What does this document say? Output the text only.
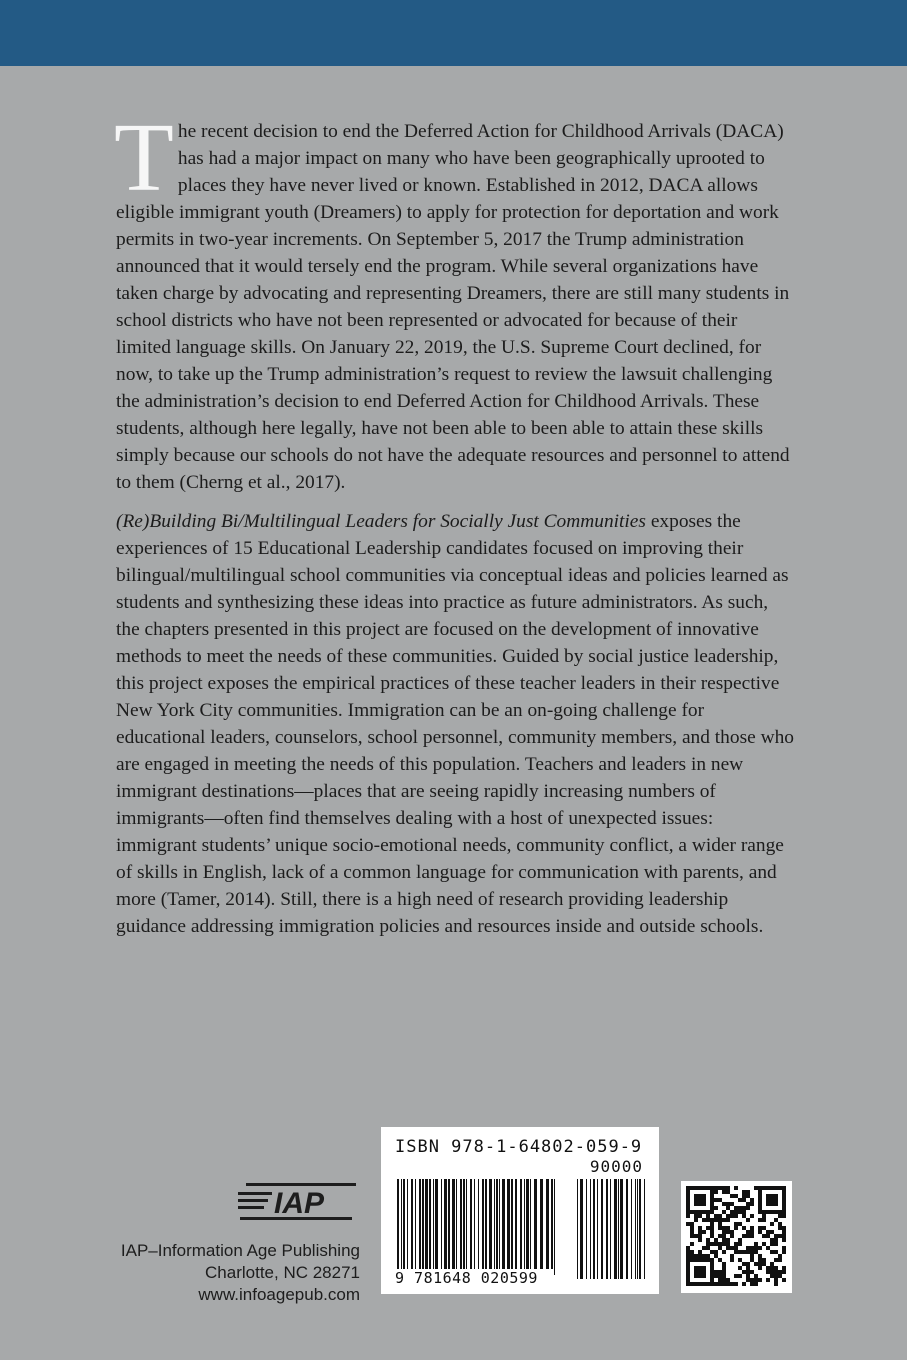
The recent decision to end the Deferred Action for Childhood Arrivals (DACA) has had a major impact on many who have been geographically uprooted to places they have never lived or known. Established in 2012, DACA allows eligible immigrant youth (Dreamers) to apply for protection for deportation and work permits in two-year increments. On September 5, 2017 the Trump administration announced that it would tersely end the program. While several organizations have taken charge by advocating and representing Dreamers, there are still many students in school districts who have not been represented or advocated for because of their limited language skills. On January 22, 2019, the U.S. Supreme Court declined, for now, to take up the Trump administration’s request to review the lawsuit challenging the administration’s decision to end Deferred Action for Childhood Arrivals. These students, although here legally, have not been able to been able to attain these skills simply because our schools do not have the adequate resources and personnel to attend to them (Cherng et al., 2017).

(Re)Building Bi/Multilingual Leaders for Socially Just Communities exposes the experiences of 15 Educational Leadership candidates focused on improving their bilingual/multilingual school communities via conceptual ideas and policies learned as students and synthesizing these ideas into practice as future administrators. As such, the chapters presented in this project are focused on the development of innovative methods to meet the needs of these communities. Guided by social justice leadership, this project exposes the empirical practices of these teacher leaders in their respective New York City communities. Immigration can be an on-going challenge for educational leaders, counselors, school personnel, community members, and those who are engaged in meeting the needs of this population. Teachers and leaders in new immigrant destinations—places that are seeing rapidly increasing numbers of immigrants—often find themselves dealing with a host of unexpected issues: immigrant students’ unique socio-emotional needs, community conflict, a wider range of skills in English, lack of a common language for communication with parents, and more (Tamer, 2014). Still, there is a high need of research providing leadership guidance addressing immigration policies and resources inside and outside schools.

IAP
IAP–Information Age Publishing
Charlotte, NC 28271
www.infoagepub.com
ISBN 978-1-64802-059-9
90000
9 781648 020599
